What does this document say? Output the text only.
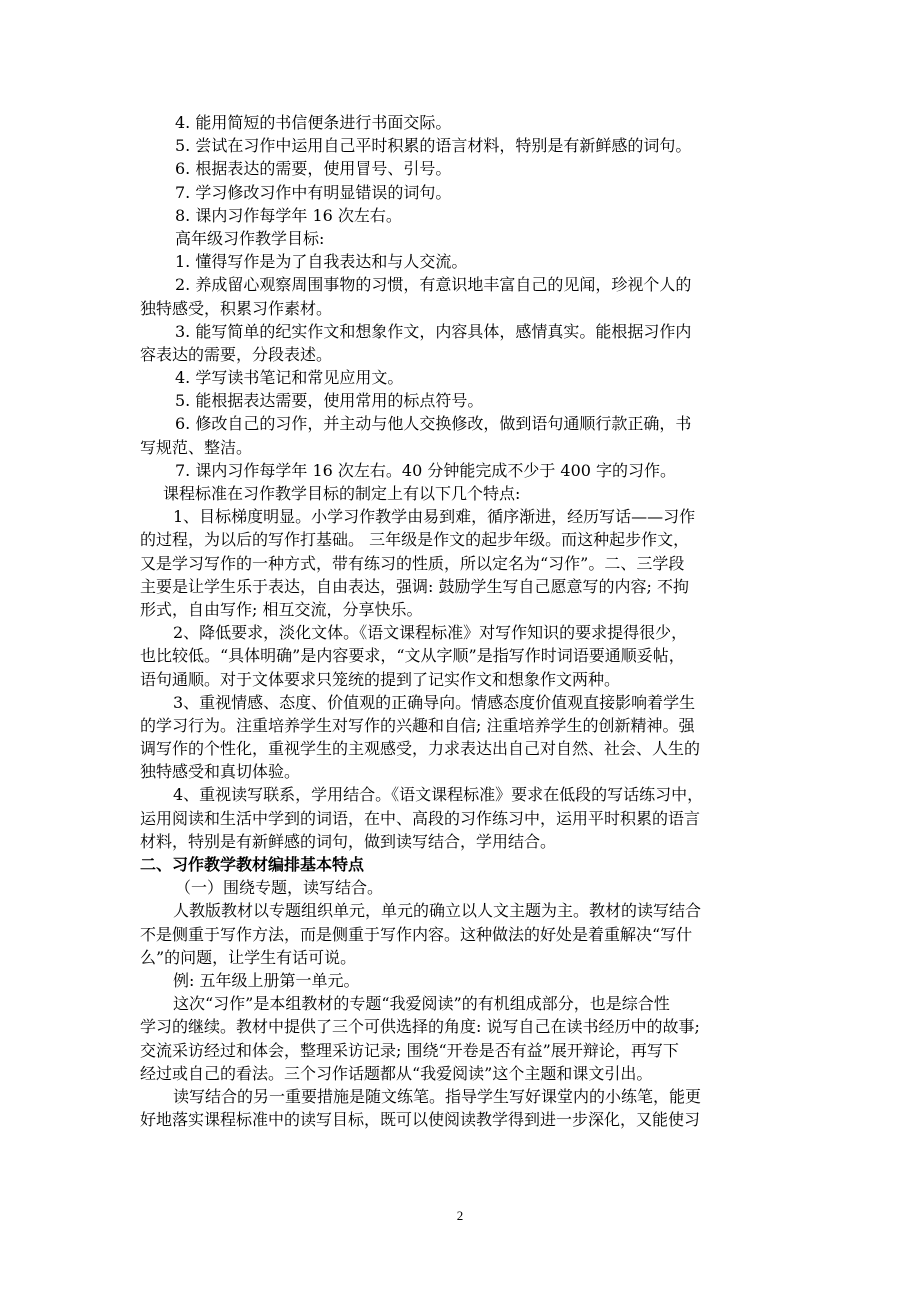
4. 能用简短的书信便条进行书面交际。
5. 尝试在习作中运用自己平时积累的语言材料，特别是有新鲜感的词句。
6. 根据表达的需要，使用冒号、引号。
7. 学习修改习作中有明显错误的词句。
8. 课内习作每学年 16 次左右。
高年级习作教学目标:
1. 懂得写作是为了自我表达和与人交流。
2. 养成留心观察周围事物的习惯，有意识地丰富自己的见闻，珍视个人的
独特感受，积累习作素材。
3. 能写简单的纪实作文和想象作文，内容具体，感情真实。能根据习作内
容表达的需要，分段表述。
4. 学写读书笔记和常见应用文。
5. 能根据表达需要，使用常用的标点符号。
6. 修改自己的习作，并主动与他人交换修改，做到语句通顺行款正确，书
写规范、整洁。
7. 课内习作每学年 16 次左右。40 分钟能完成不少于 400 字的习作。
课程标准在习作教学目标的制定上有以下几个特点:
1、目标梯度明显。小学习作教学由易到难，循序渐进，经历写话——习作
的过程，为以后的写作打基础。 三年级是作文的起步年级。而这种起步作文，
又是学习写作的一种方式，带有练习的性质，所以定名为“习作”。二、三学段
主要是让学生乐于表达，自由表达，强调: 鼓励学生写自己愿意写的内容; 不拘
形式，自由写作; 相互交流，分享快乐。
2、降低要求，淡化文体。《语文课程标准》对写作知识的要求提得很少，
也比较低。“具体明确”是内容要求，“文从字顺”是指写作时词语要通顺妥帖，
语句通顺。对于文体要求只笼统的提到了记实作文和想象作文两种。
3、重视情感、态度、价值观的正确导向。情感态度价值观直接影响着学生
的学习行为。注重培养学生对写作的兴趣和自信; 注重培养学生的创新精神。强
调写作的个性化，重视学生的主观感受，力求表达出自己对自然、社会、人生的
独特感受和真切体验。
4、重视读写联系，学用结合。《语文课程标准》要求在低段的写话练习中，
运用阅读和生活中学到的词语，在中、高段的习作练习中，运用平时积累的语言
材料，特别是有新鲜感的词句，做到读写结合，学用结合。
二、习作教学教材编排基本特点
（一）围绕专题，读写结合。
人教版教材以专题组织单元，单元的确立以人文主题为主。教材的读写结合
不是侧重于写作方法，而是侧重于写作内容。这种做法的好处是着重解决“写什
么”的问题，让学生有话可说。
例: 五年级上册第一单元。
这次“习作”是本组教材的专题“我爱阅读”的有机组成部分，也是综合性
学习的继续。教材中提供了三个可供选择的角度: 说写自己在读书经历中的故事;
交流采访经过和体会，整理采访记录; 围绕“开卷是否有益”展开辩论，再写下
经过或自己的看法。三个习作话题都从“我爱阅读”这个主题和课文引出。
读写结合的另一重要措施是随文练笔。指导学生写好课堂内的小练笔，能更
好地落实课程标准中的读写目标，既可以使阅读教学得到进一步深化，又能使习
2
